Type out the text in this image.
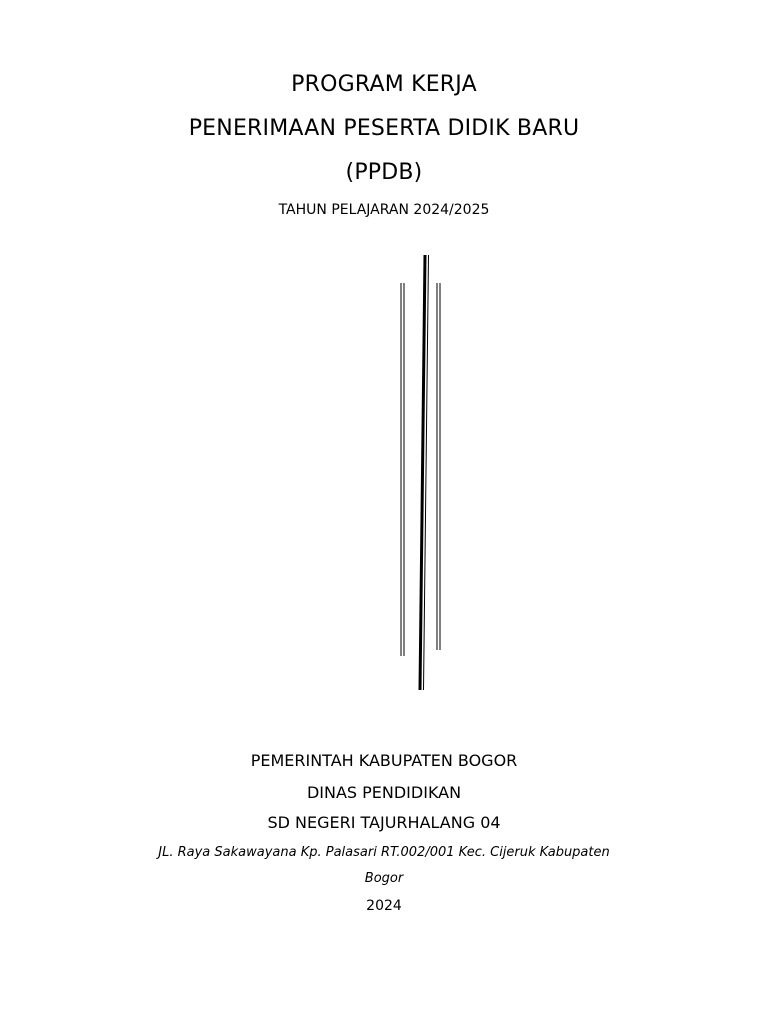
PROGRAM KERJA
PENERIMAAN PESERTA DIDIK BARU
(PPDB)
TAHUN PELAJARAN 2024/2025
PEMERINTAH KABUPATEN BOGOR
DINAS PENDIDIKAN
SD NEGERI TAJURHALANG 04
JL. Raya Sakawayana Kp. Palasari RT.002/001 Kec. Cijeruk Kabupaten
Bogor
2024
